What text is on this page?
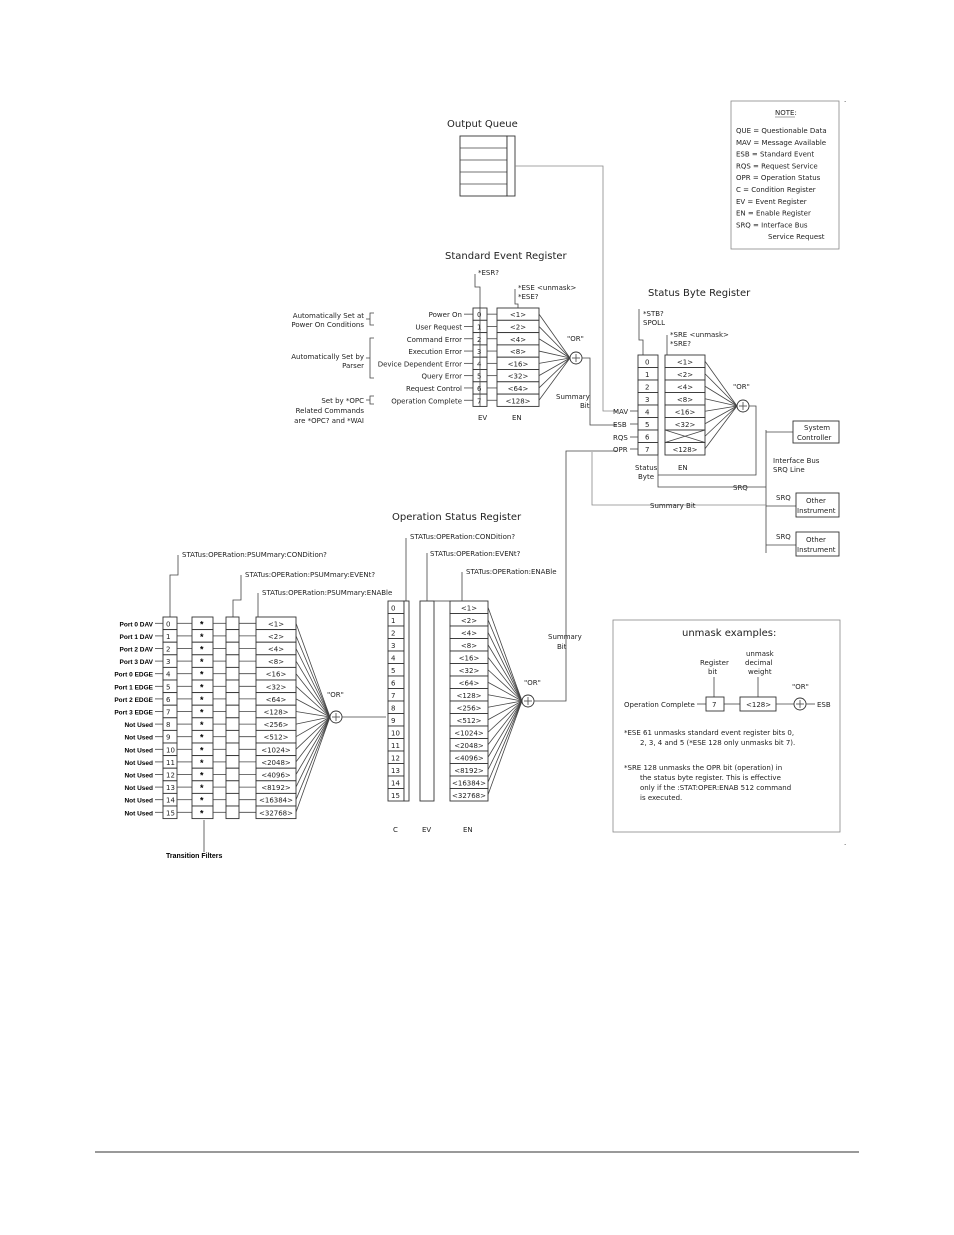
Output Queue
NOTE:
QUE = Questionable Data
MAV = Message Available
ESB = Standard Event
RQS = Request Service
OPR = Operation Status
C = Condition Register
EV = Event Register
EN = Enable Register
SRQ = Interface Bus
Service Request
Standard Event Register
*ESR?
*ESE <unmask>
*ESE?
0	<1>
Power On
1	<2>
User Request
2	<4>
Command Error
3	<8>
Execution Error
4	<16>
Device Dependent Error
5	<32>
Query Error
6	<64>
Request Control
7	<128>
Operation Complete
EV	EN
"OR"
Summary
Bit
Automatically Set at
Power On Conditions
Automatically Set by
Parser
Set by *OPC
Related Commands
are *OPC? and *WAI
Status Byte Register
*STB?
SPOLL
*SRE <unmask>
*SRE?
0	<1>
1	<2>
2	<4>
3	<8>
4	<16>
5	<32>
6
7	<128>
MAV
ESB
RQS
OPR
Status
Byte
EN
"OR"
System
Controller
Interface Bus
SRQ Line
SRQ
SRQ Other
Instrument
SRQ Other
Instrument
Summary Bit
Operation Status Register
STATus:OPERation:CONDition?
STATus:OPERation:EVENt?
STATus:OPERation:ENABle
0	<1>
1	<2>
2	<4>
3	<8>
4	<16>
5	<32>
6	<64>
7	<128>
8	<256>
9	<512>
10	<1024>
11	<2048>
12	<4096>
13	<8192>
14	<16384>
15	<32768>
C	EV	EN
"OR"
Summary
Bit
STATus:OPERation:PSUMmary:CONDition?
STATus:OPERation:PSUMmary:EVENt?
STATus:OPERation:PSUMmary:ENABle
Port 0 DAV 0	*	<1>
Port 1 DAV 1	*	<2>
Port 2 DAV 2	*	<4>
Port 3 DAV 3	*	<8>
Port 0 EDGE 4	*	<16>
Port 1 EDGE 5	*	<32>
Port 2 EDGE 6	*	<64>
Port 3 EDGE 7	*	<128>
Not Used 8	*	<256>
Not Used 9	*	<512>
Not Used 10	*	<1024>
Not Used 11	*	<2048>
Not Used 12	*	<4096>
Not Used 13	*	<8192>
Not Used 14	*	<16384>
Not Used 15	*	<32768>
Transition Filters
"OR"
unmask examples:
Register
bit
unmask
decimal
weight
Operation Complete 7	<128>
"OR"
ESB
*ESE 61 unmasks standard event register bits 0,
2, 3, 4 and 5 (*ESE 128 only unmasks bit 7).
*SRE 128 unmasks the OPR bit (operation) in
the status byte register. This is effective
only if the :STAT:OPER:ENAB 512 command
is executed.
.
.
